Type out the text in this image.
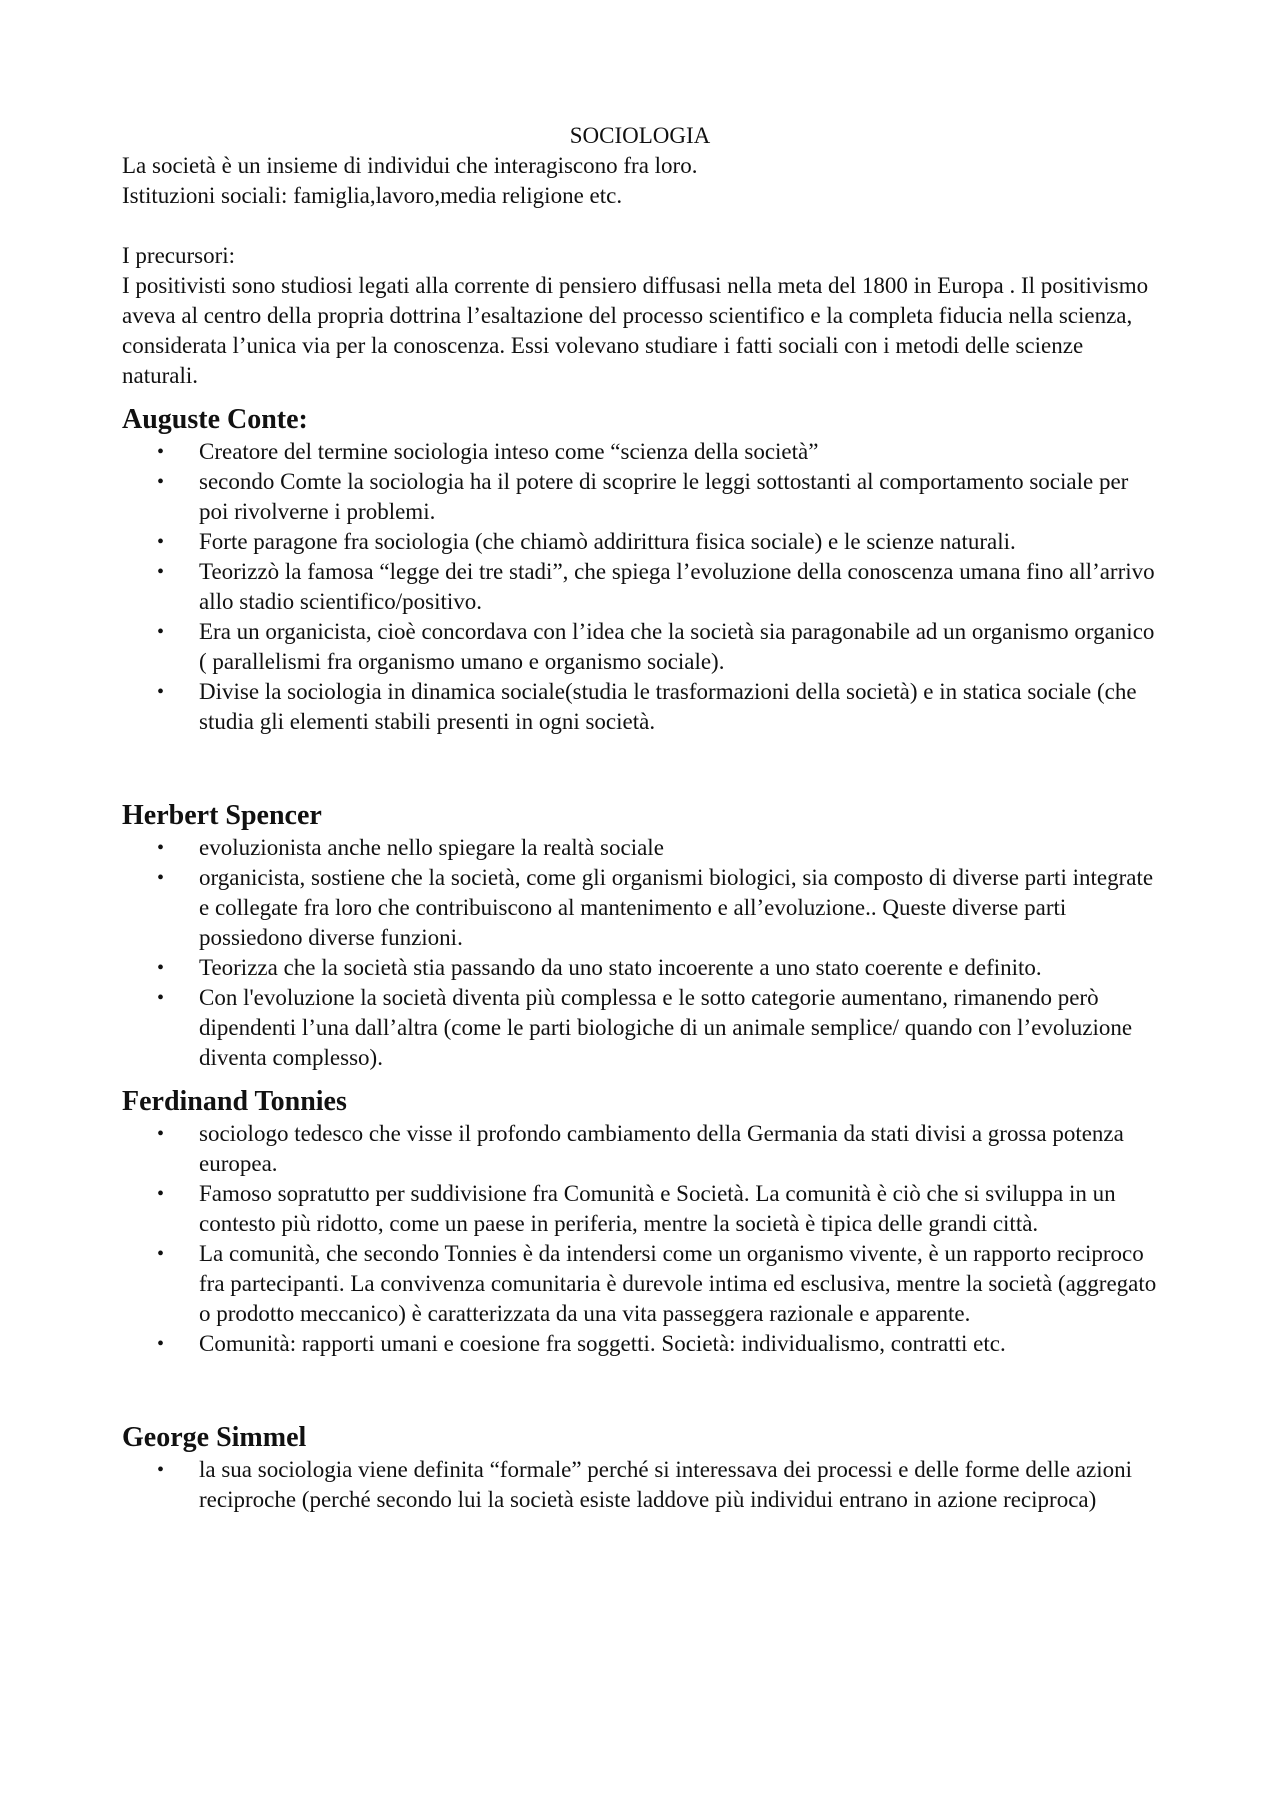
SOCIOLOGIA

La società è un insieme di individui che interagiscono fra loro.

Istituzioni sociali: famiglia,lavoro,media religione etc.

I precursori:

I positivisti sono studiosi legati alla corrente di pensiero diffusasi nella meta del 1800 in Europa . Il positivismo aveva al centro della propria dottrina l’esaltazione del processo scientifico e la completa fiducia nella scienza, considerata l’unica via per la conoscenza. Essi volevano studiare i fatti sociali con i metodi delle scienze naturali.

Auguste Conte:
• Creatore del termine sociologia inteso come “scienza della società”
• secondo Comte la sociologia ha il potere di scoprire le leggi sottostanti al comportamento sociale per poi rivolverne i problemi.
• Forte paragone fra sociologia (che chiamò addirittura fisica sociale) e le scienze naturali.
• Teorizzò la famosa “legge dei tre stadi”, che spiega l’evoluzione della conoscenza umana fino all’arrivo allo stadio scientifico/positivo.
• Era un organicista, cioè concordava con l’idea che la società sia paragonabile ad un organismo organico ( parallelismi fra organismo umano e organismo sociale).
• Divise la sociologia in dinamica sociale(studia le trasformazioni della società) e in statica sociale (che studia gli elementi stabili presenti in ogni società.
Herbert Spencer
• evoluzionista anche nello spiegare la realtà sociale
• organicista, sostiene che la società, come gli organismi biologici, sia composto di diverse parti integrate e collegate fra loro che contribuiscono al mantenimento e all’evoluzione.. Queste diverse parti possiedono diverse funzioni.
• Teorizza che la società stia passando da uno stato incoerente a uno stato coerente e definito.
• Con l'evoluzione la società diventa più complessa e le sotto categorie aumentano, rimanendo però dipendenti l’una dall’altra (come le parti biologiche di un animale semplice/ quando con l’evoluzione diventa complesso).
Ferdinand Tonnies
• sociologo tedesco che visse il profondo cambiamento della Germania da stati divisi a grossa potenza europea.
• Famoso sopratutto per suddivisione fra Comunità e Società. La comunità è ciò che si sviluppa in un contesto più ridotto, come un paese in periferia, mentre la società è tipica delle grandi città.
• La comunità, che secondo Tonnies è da intendersi come un organismo vivente, è un rapporto reciproco fra partecipanti. La convivenza comunitaria è durevole intima ed esclusiva, mentre la società (aggregato o prodotto meccanico) è caratterizzata da una vita passeggera razionale e apparente.
• Comunità: rapporti umani e coesione fra soggetti. Società: individualismo, contratti etc.
George Simmel
• la sua sociologia viene definita “formale” perché si interessava dei processi e delle forme delle azioni reciproche (perché secondo lui la società esiste laddove più individui entrano in azione reciproca)
